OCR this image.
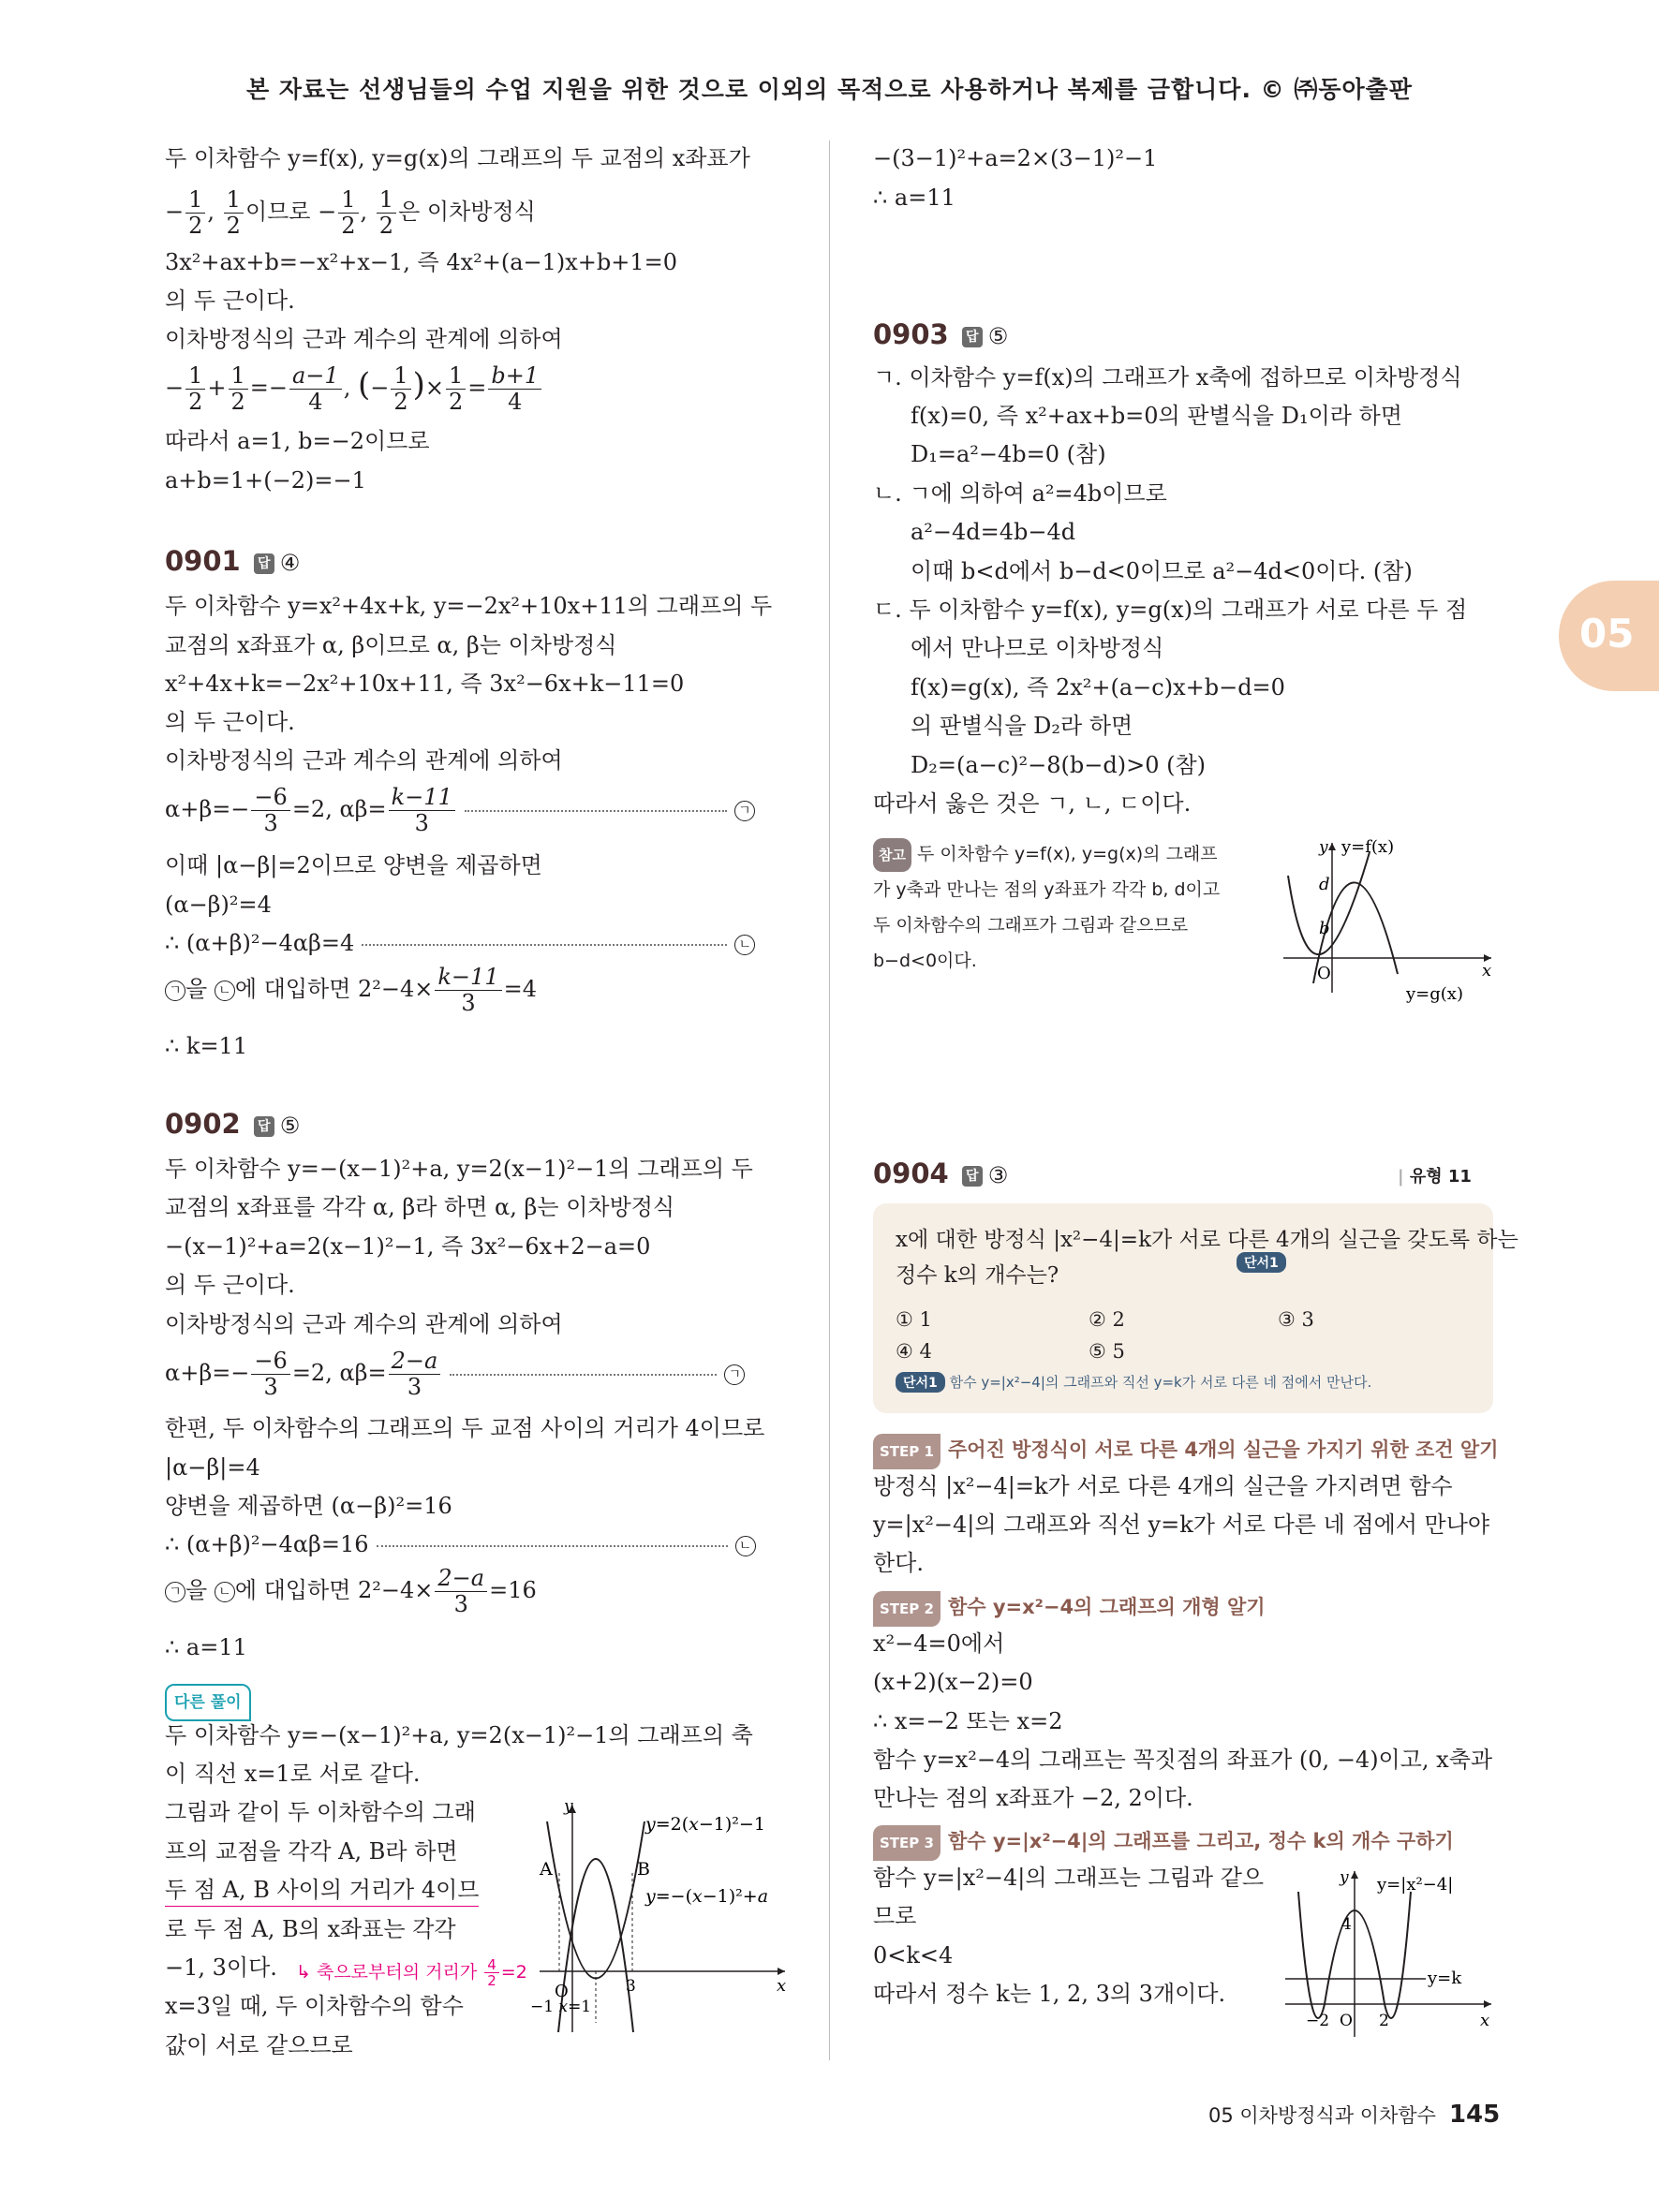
본 자료는 선생님들의 수업 지원을 위한 것으로 이외의 목적으로 사용하거나 복제를 금합니다. © ㈜동아출판
두 이차함수 y=f(x), y=g(x)의 그래프의 두 교점의 x좌표가
− $\frac{1}{2}$ , $\frac{1}{2}$ 이므로 − $\frac{1}{2}$ , $\frac{1}{2}$ 은 이차방정식
3x²+ax+b=−x²+x−1, 즉 4x²+(a−1)x+b+1=0
의 두 근이다.
이차방정식의 근과 계수의 관계에 의하여
− $\frac{1}{2} + \frac{1}{2} =- \frac{a-1}{4}$ , (− $\frac{1}{2}$ )× $\frac{1}{2} = \frac{b+1}{4}$
따라서 a=1, b=−2이므로
a+b=1+(−2)=−1
0901 답 ④
두 이차함수 y=x²+4x+k, y=−2x²+10x+11의 그래프의 두
교점의 x좌표가 α, β이므로 α, β는 이차방정식
x²+4x+k=−2x²+10x+11, 즉 3x²−6x+k−11=0
의 두 근이다.
이차방정식의 근과 계수의 관계에 의하여
$\alpha+\beta=- \frac{-6}{3} =2$, $\alpha\beta= \frac{k-11}{3}$	ㄱ
이때 |α−β|=2이므로 양변을 제곱하면
(α−β)²=4
∴ (α+β)²−4αβ=4	ㄴ
ㄱ 을 ㄴ 에 대입하면 $2^2-4\times \frac{k-11}{3} =4$
∴ k=11
0902 답 ⑤
두 이차함수 y=−(x−1)²+a, y=2(x−1)²−1의 그래프의 두
교점의 x좌표를 각각 α, β라 하면 α, β는 이차방정식
−(x−1)²+a=2(x−1)²−1, 즉 3x²−6x+2−a=0
의 두 근이다.
이차방정식의 근과 계수의 관계에 의하여
$\alpha+\beta=- \frac{-6}{3} =2$, $\alpha\beta= \frac{2-a}{3}$	ㄱ
한편, 두 이차함수의 그래프의 두 교점 사이의 거리가 4이므로
|α−β|=4
양변을 제곱하면 (α−β)²=16
∴ (α+β)²−4αβ=16	ㄴ
ㄱ 을 ㄴ 에 대입하면 $2^2-4\times \frac{2-a}{3} =16$
∴ a=11
다른 풀이
두 이차함수 y=−(x−1)²+a, y=2(x−1)²−1의 그래프의 축
이 직선 x=1로 서로 같다.
그림과 같이 두 이차함수의 그래
프의 교점을 각각 A, B라 하면
두 점 A, B 사이의 거리가 4이므
로 두 점 A, B의 x좌표는 각각
−1, 3이다. ↳ 축으로부터의 거리가 $\frac{4}{2} =2$
x=3일 때, 두 이차함수의 함수
값이 서로 같으므로
y
A	B
O	x
−1 x=1
3
y=2(x−1)²−1
y=−(x−1)²+a
−(3−1)²+a=2×(3−1)²−1
∴ a=11
0903 답 ⑤
ㄱ. 이차함수 y=f(x)의 그래프가 x축에 접하므로 이차방정식
f(x)=0, 즉 x²+ax+b=0의 판별식을 D₁이라 하면
D₁=a²−4b=0 (참)
ㄴ. ㄱ에 의하여 a²=4b이므로
a²−4d=4b−4d
이때 b<d에서 b−d<0이므로 a²−4d<0이다. (참)
ㄷ. 두 이차함수 y=f(x), y=g(x)의 그래프가 서로 다른 두 점
에서 만나므로 이차방정식
f(x)=g(x), 즉 2x²+(a−c)x+b−d=0
의 판별식을 D₂라 하면
D₂=(a−c)²−8(b−d)>0 (참)
따라서 옳은 것은 ㄱ, ㄴ, ㄷ이다.
참고 두 이차함수 y=f(x), y=g(x)의 그래프
가 y축과 만나는 점의 y좌표가 각각 b, d이고
두 이차함수의 그래프가 그림과 같으므로
b−d<0이다.
y y=f(x)
d
b
O	x
y=g(x)
0904 답 ③	| 유형 11
x에 대한 방정식 |x²−4|=k가 서로 다른 4개의 실근을 갖도록 하는
단서1
정수 k의 개수는?
① 1	② 2	③ 3
④ 4	⑤ 5
단서1 함수 y=|x²−4|의 그래프와 직선 y=k가 서로 다른 네 점에서 만난다.
STEP 1 주어진 방정식이 서로 다른 4개의 실근을 가지기 위한 조건 알기
방정식 |x²−4|=k가 서로 다른 4개의 실근을 가지려면 함수
y=|x²−4|의 그래프와 직선 y=k가 서로 다른 네 점에서 만나야
한다.
STEP 2 함수 y=x²−4의 그래프의 개형 알기
x²−4=0에서
(x+2)(x−2)=0
∴ x=−2 또는 x=2
함수 y=x²−4의 그래프는 꼭짓점의 좌표가 (0, −4)이고, x축과
만나는 점의 x좌표가 −2, 2이다.
STEP 3 함수 y=|x²−4|의 그래프를 그리고, 정수 k의 개수 구하기
함수 y=|x²−4|의 그래프는 그림과 같으
므로
0<k<4
따라서 정수 k는 1, 2, 3의 3개이다.
y y=|x²−4|
4
y=k
−2 O 2	x
05
05 이차방정식과 이차함수 145
